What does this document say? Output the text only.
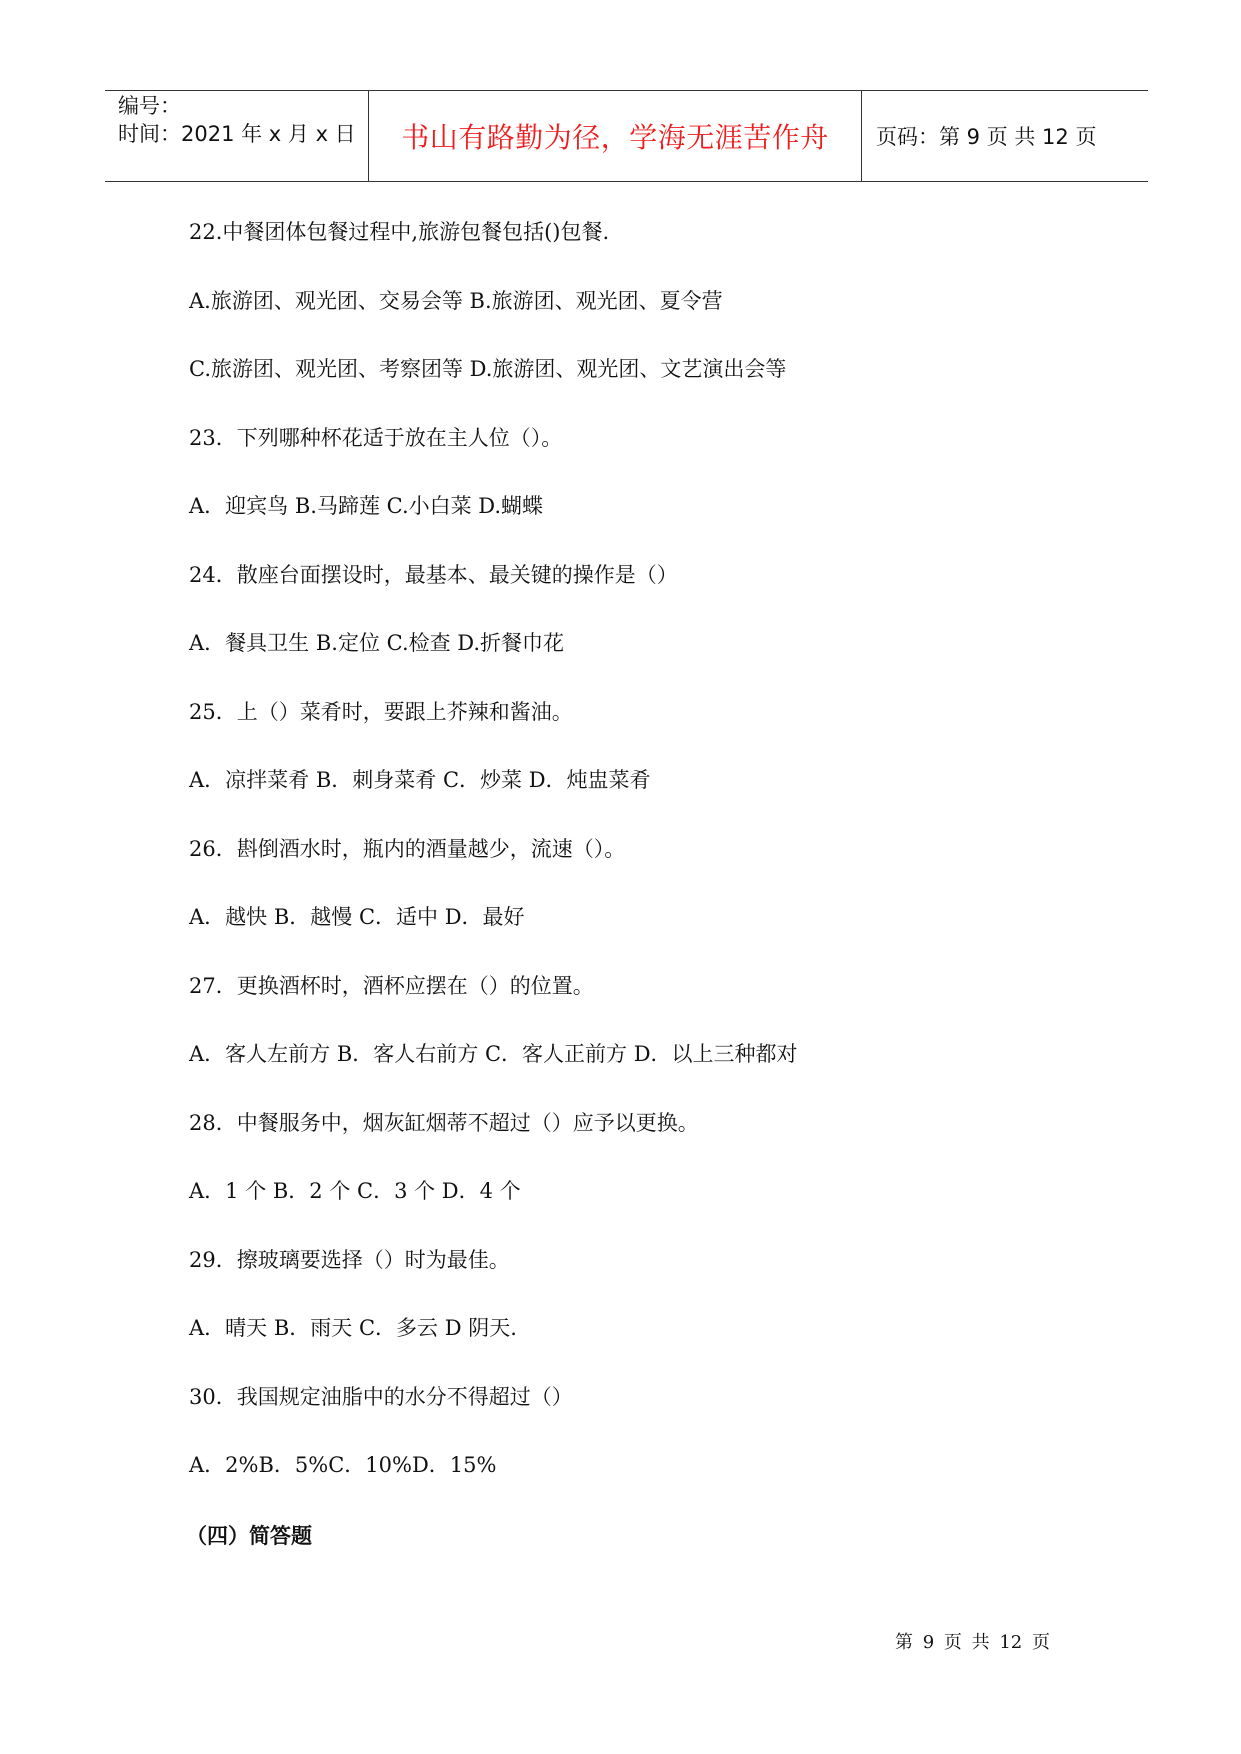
编号：
时间：2021 年 x 月 x 日 书山有路勤为径，学海无涯苦作舟 页码：第 9 页 共 12 页

22.中餐团体包餐过程中,旅游包餐包括()包餐.

A.旅游团、观光团、交易会等 B.旅游团、观光团、夏令营

C.旅游团、观光团、考察团等 D.旅游团、观光团、文艺演出会等

23．下列哪种杯花适于放在主人位（）。

A．迎宾鸟 B.马蹄莲 C.小白菜 D.蝴蝶

24．散座台面摆设时，最基本、最关键的操作是（）

A．餐具卫生 B.定位 C.检查 D.折餐巾花

25．上（）菜肴时，要跟上芥辣和酱油。

A．凉拌菜肴 B．刺身菜肴 C．炒菜 D．炖盅菜肴

26．斟倒酒水时，瓶内的酒量越少，流速（）。

A．越快 B．越慢 C．适中 D．最好

27．更换酒杯时，酒杯应摆在（）的位置。

A．客人左前方 B．客人右前方 C．客人正前方 D．以上三种都对

28．中餐服务中，烟灰缸烟蒂不超过（）应予以更换。

A．1 个 B．2 个 C．3 个 D．4 个

29．擦玻璃要选择（）时为最佳。

A．晴天 B．雨天 C．多云 D 阴天.

30．我国规定油脂中的水分不得超过（）

A．2%B．5%C．10%D．15%

（四）简答题
第 9 页 共 12 页
